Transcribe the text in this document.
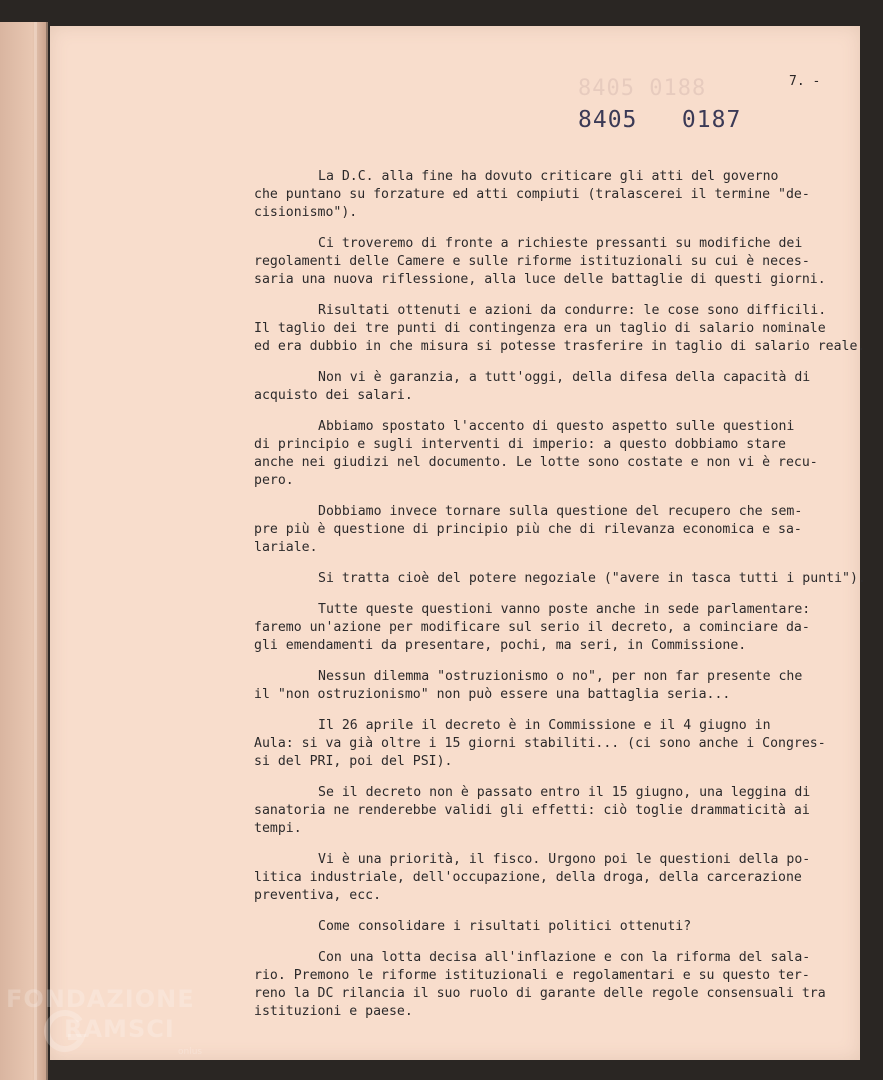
8405 0188	7. -
8405   0187
La D.C. alla fine ha dovuto criticare gli atti del governo
che puntano su forzature ed atti compiuti (tralascerei il termine "de-
cisionismo").
Ci troveremo di fronte a richieste pressanti su modifiche dei
regolamenti delle Camere e sulle riforme istituzionali su cui è neces-
saria una nuova riflessione, alla luce delle battaglie di questi giorni.
Risultati ottenuti e azioni da condurre: le cose sono difficili.
Il taglio dei tre punti di contingenza era un taglio di salario nominale
ed era dubbio in che misura si potesse trasferire in taglio di salario reale.
Non vi è garanzia, a tutt'oggi, della difesa della capacità di
acquisto dei salari.
Abbiamo spostato l'accento di questo aspetto sulle questioni
di principio e sugli interventi di imperio: a questo dobbiamo stare
anche nei giudizi nel documento. Le lotte sono costate e non vi è recu-
pero.
Dobbiamo invece tornare sulla questione del recupero che sem-
pre più è questione di principio più che di rilevanza economica e sa-
lariale.
Si tratta cioè del potere negoziale ("avere in tasca tutti i punti").
Tutte queste questioni vanno poste anche in sede parlamentare:
faremo un'azione per modificare sul serio il decreto, a cominciare da-
gli emendamenti da presentare, pochi, ma seri, in Commissione.
Nessun dilemma "ostruzionismo o no", per non far presente che
il "non ostruzionismo" non può essere una battaglia seria...
Il 26 aprile il decreto è in Commissione e il 4 giugno in
Aula: si va già oltre i 15 giorni stabiliti... (ci sono anche i Congres-
si del PRI, poi del PSI).
Se il decreto non è passato entro il 15 giugno, una leggina di
sanatoria ne renderebbe validi gli effetti: ciò toglie drammaticità ai
tempi.
Vi è una priorità, il fisco. Urgono poi le questioni della po-
litica industriale, dell'occupazione, della droga, della carcerazione
preventiva, ecc.
Come consolidare i risultati politici ottenuti?
Con una lotta decisa all'inflazione e con la riforma del sala-
rio. Premono le riforme istituzionali e regolamentari e su questo ter-
reno la DC rilancia il suo ruolo di garante delle regole consensuali tra
istituzioni e paese.
FONDAZIONE
RAMSCI
onlus
